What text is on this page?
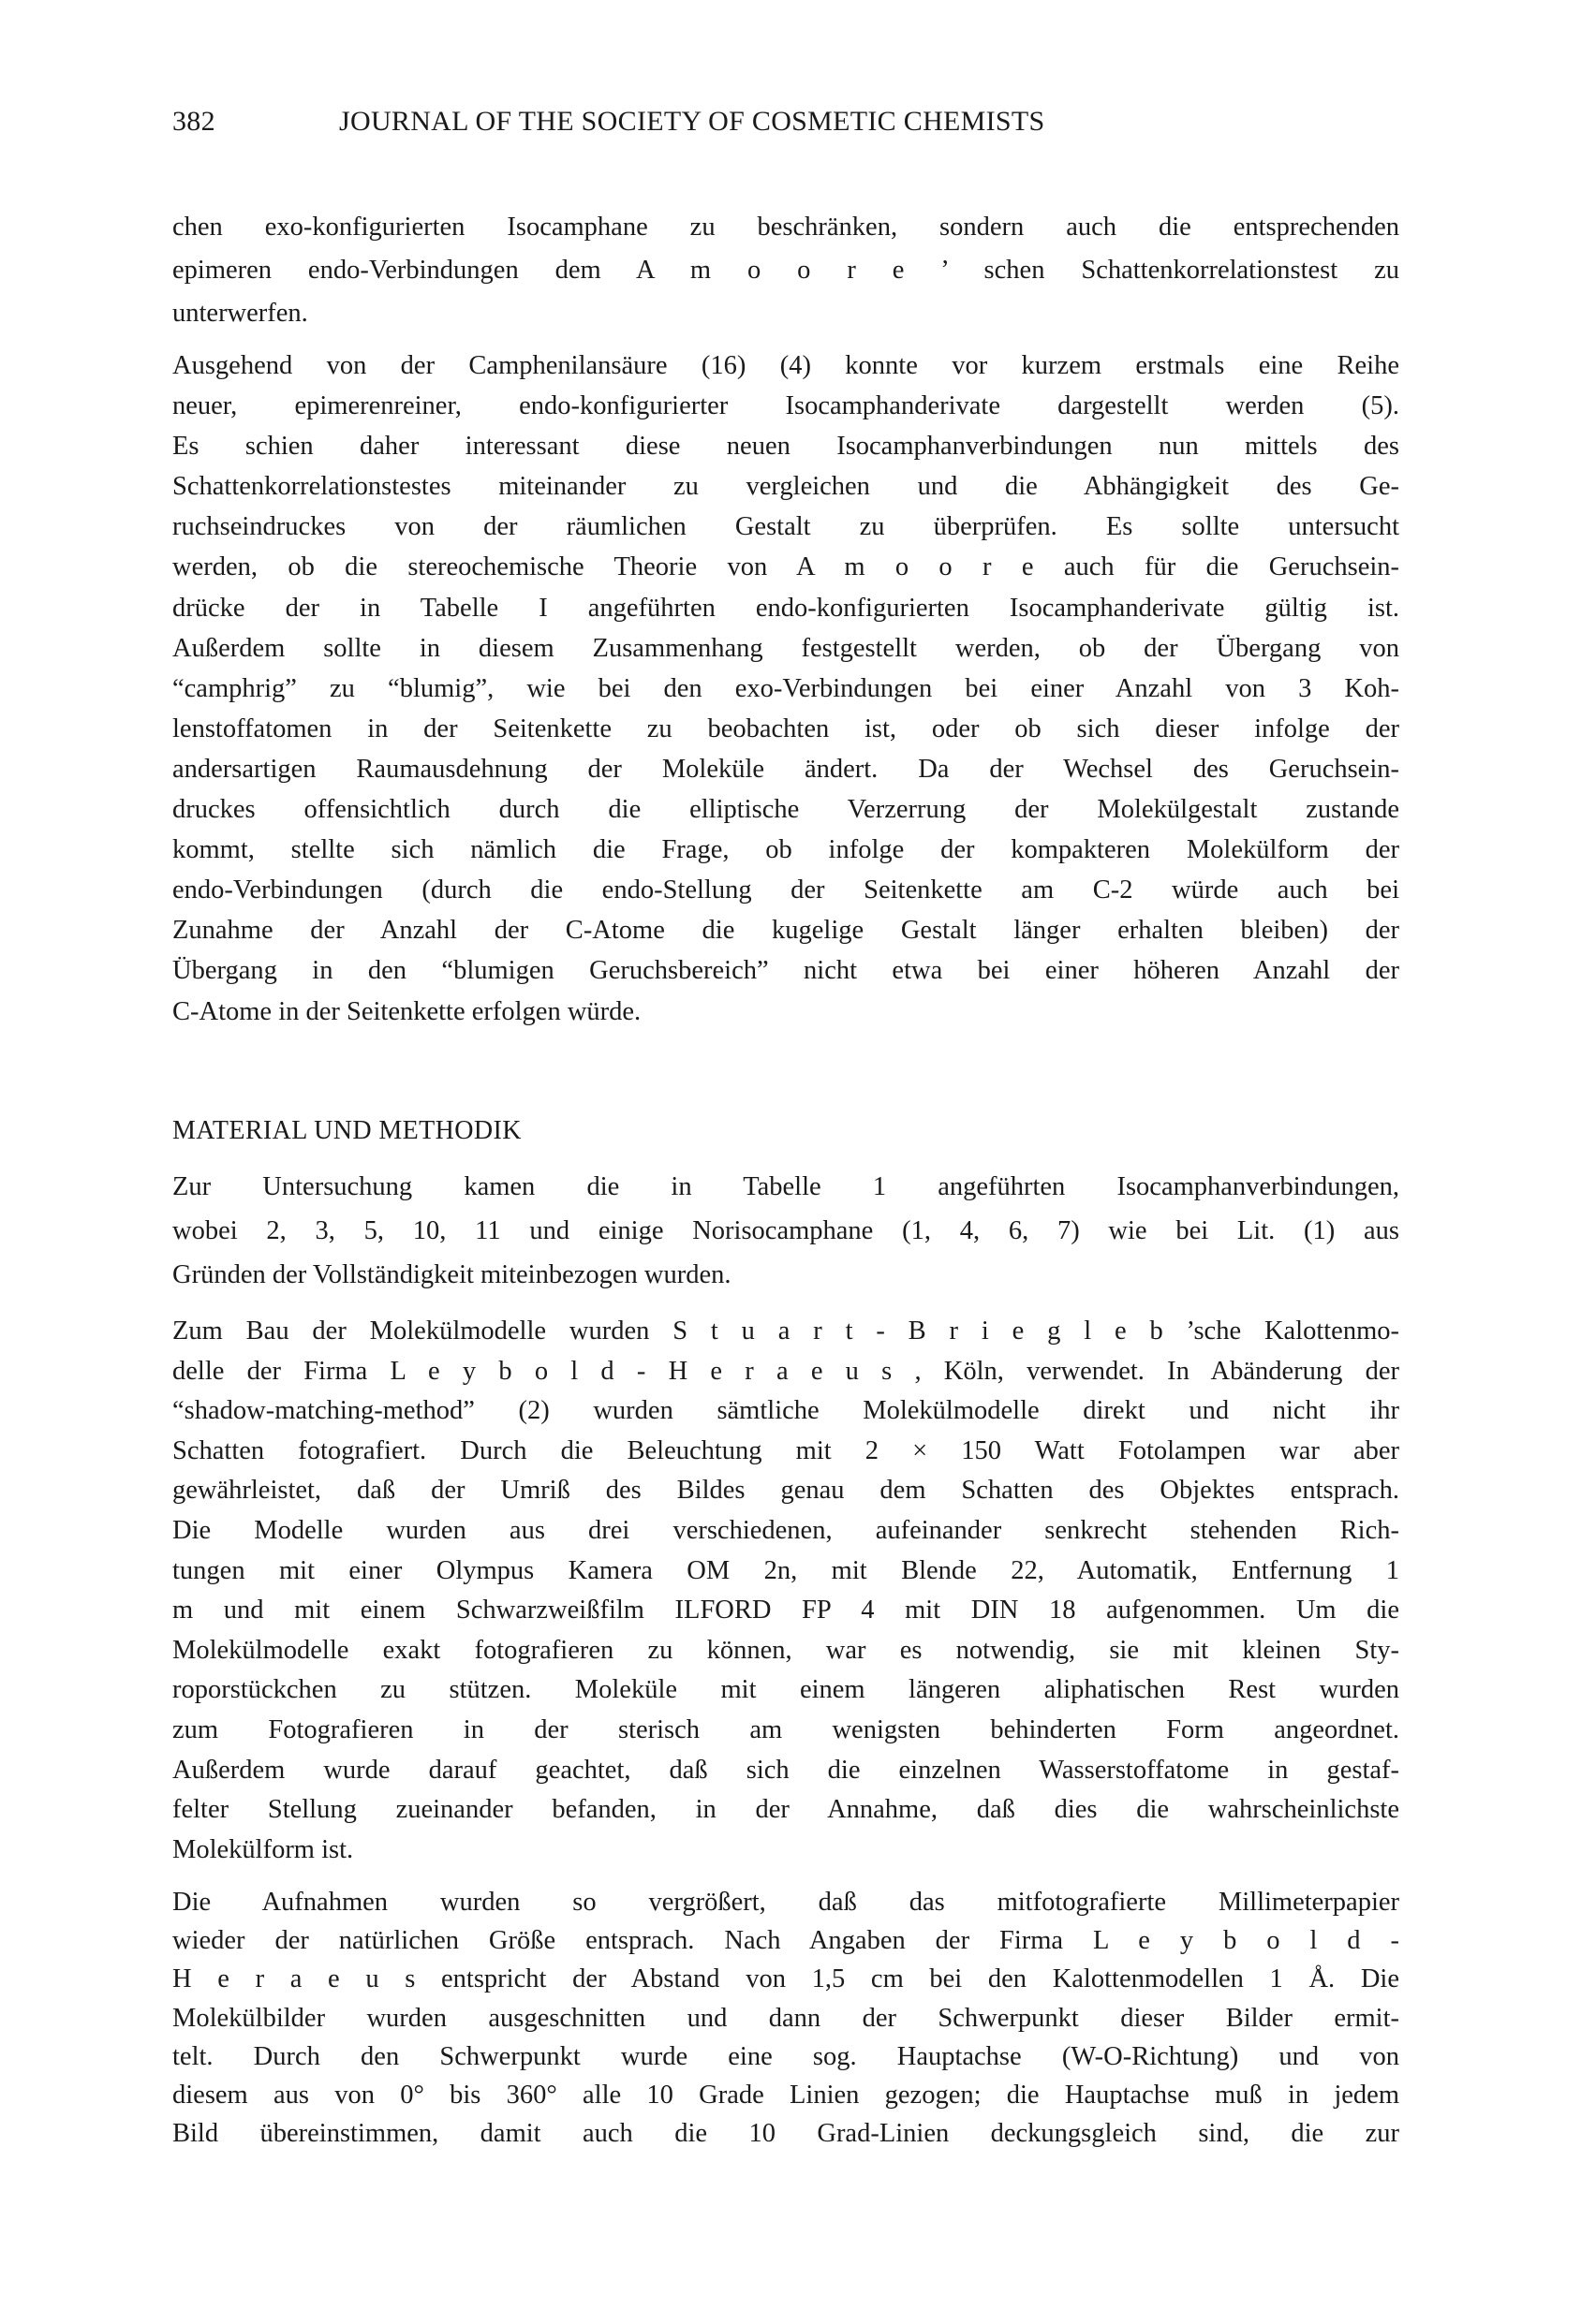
382	JOURNAL OF THE SOCIETY OF COSMETIC CHEMISTS
chen exo-konfigurierten Isocamphane zu beschränken, sondern auch die entsprechenden
epimeren endo-Verbindungen dem A m o o r e ’ schen Schattenkorrelationstest zu
unterwerfen.
Ausgehend von der Camphenilansäure (16) (4) konnte vor kurzem erstmals eine Reihe
neuer, epimerenreiner, endo-konfigurierter Isocamphanderivate dargestellt werden (5).
Es schien daher interessant diese neuen Isocamphanverbindungen nun mittels des
Schattenkorrelationstestes miteinander zu vergleichen und die Abhängigkeit des Ge-
ruchseindruckes von der räumlichen Gestalt zu überprüfen. Es sollte untersucht
werden, ob die stereochemische Theorie von A m o o r e auch für die Geruchsein-
drücke der in Tabelle I angeführten endo-konfigurierten Isocamphanderivate gültig ist.
Außerdem sollte in diesem Zusammenhang festgestellt werden, ob der Übergang von
“camphrig” zu “blumig”, wie bei den exo-Verbindungen bei einer Anzahl von 3 Koh-
lenstoffatomen in der Seitenkette zu beobachten ist, oder ob sich dieser infolge der
andersartigen Raumausdehnung der Moleküle ändert. Da der Wechsel des Geruchsein-
druckes offensichtlich durch die elliptische Verzerrung der Molekülgestalt zustande
kommt, stellte sich nämlich die Frage, ob infolge der kompakteren Molekülform der
endo-Verbindungen (durch die endo-Stellung der Seitenkette am C-2 würde auch bei
Zunahme der Anzahl der C-Atome die kugelige Gestalt länger erhalten bleiben) der
Übergang in den “blumigen Geruchsbereich” nicht etwa bei einer höheren Anzahl der
C-Atome in der Seitenkette erfolgen würde.
MATERIAL UND METHODIK
Zur Untersuchung kamen die in Tabelle 1 angeführten Isocamphanverbindungen,
wobei 2, 3, 5, 10, 11 und einige Norisocamphane (1, 4, 6, 7) wie bei Lit. (1) aus
Gründen der Vollständigkeit miteinbezogen wurden.
Zum Bau der Molekülmodelle wurden S t u a r t - B r i e g l e b ’sche Kalottenmo-
delle der Firma L e y b o l d - H e r a e u s , Köln, verwendet. In Abänderung der
“shadow-matching-method” (2) wurden sämtliche Molekülmodelle direkt und nicht ihr
Schatten fotografiert. Durch die Beleuchtung mit 2 × 150 Watt Fotolampen war aber
gewährleistet, daß der Umriß des Bildes genau dem Schatten des Objektes entsprach.
Die Modelle wurden aus drei verschiedenen, aufeinander senkrecht stehenden Rich-
tungen mit einer Olympus Kamera OM 2n, mit Blende 22, Automatik, Entfernung 1
m und mit einem Schwarzweißfilm ILFORD FP 4 mit DIN 18 aufgenommen. Um die
Molekülmodelle exakt fotografieren zu können, war es notwendig, sie mit kleinen Sty-
roporstückchen zu stützen. Moleküle mit einem längeren aliphatischen Rest wurden
zum Fotografieren in der sterisch am wenigsten behinderten Form angeordnet.
Außerdem wurde darauf geachtet, daß sich die einzelnen Wasserstoffatome in gestaf-
felter Stellung zueinander befanden, in der Annahme, daß dies die wahrscheinlichste
Molekülform ist.
Die Aufnahmen wurden so vergrößert, daß das mitfotografierte Millimeterpapier
wieder der natürlichen Größe entsprach. Nach Angaben der Firma L e y b o l d -
H e r a e u s entspricht der Abstand von 1,5 cm bei den Kalottenmodellen 1 Å. Die
Molekülbilder wurden ausgeschnitten und dann der Schwerpunkt dieser Bilder ermit-
telt. Durch den Schwerpunkt wurde eine sog. Hauptachse (W-O-Richtung) und von
diesem aus von 0° bis 360° alle 10 Grade Linien gezogen; die Hauptachse muß in jedem
Bild übereinstimmen, damit auch die 10 Grad-Linien deckungsgleich sind, die zur
